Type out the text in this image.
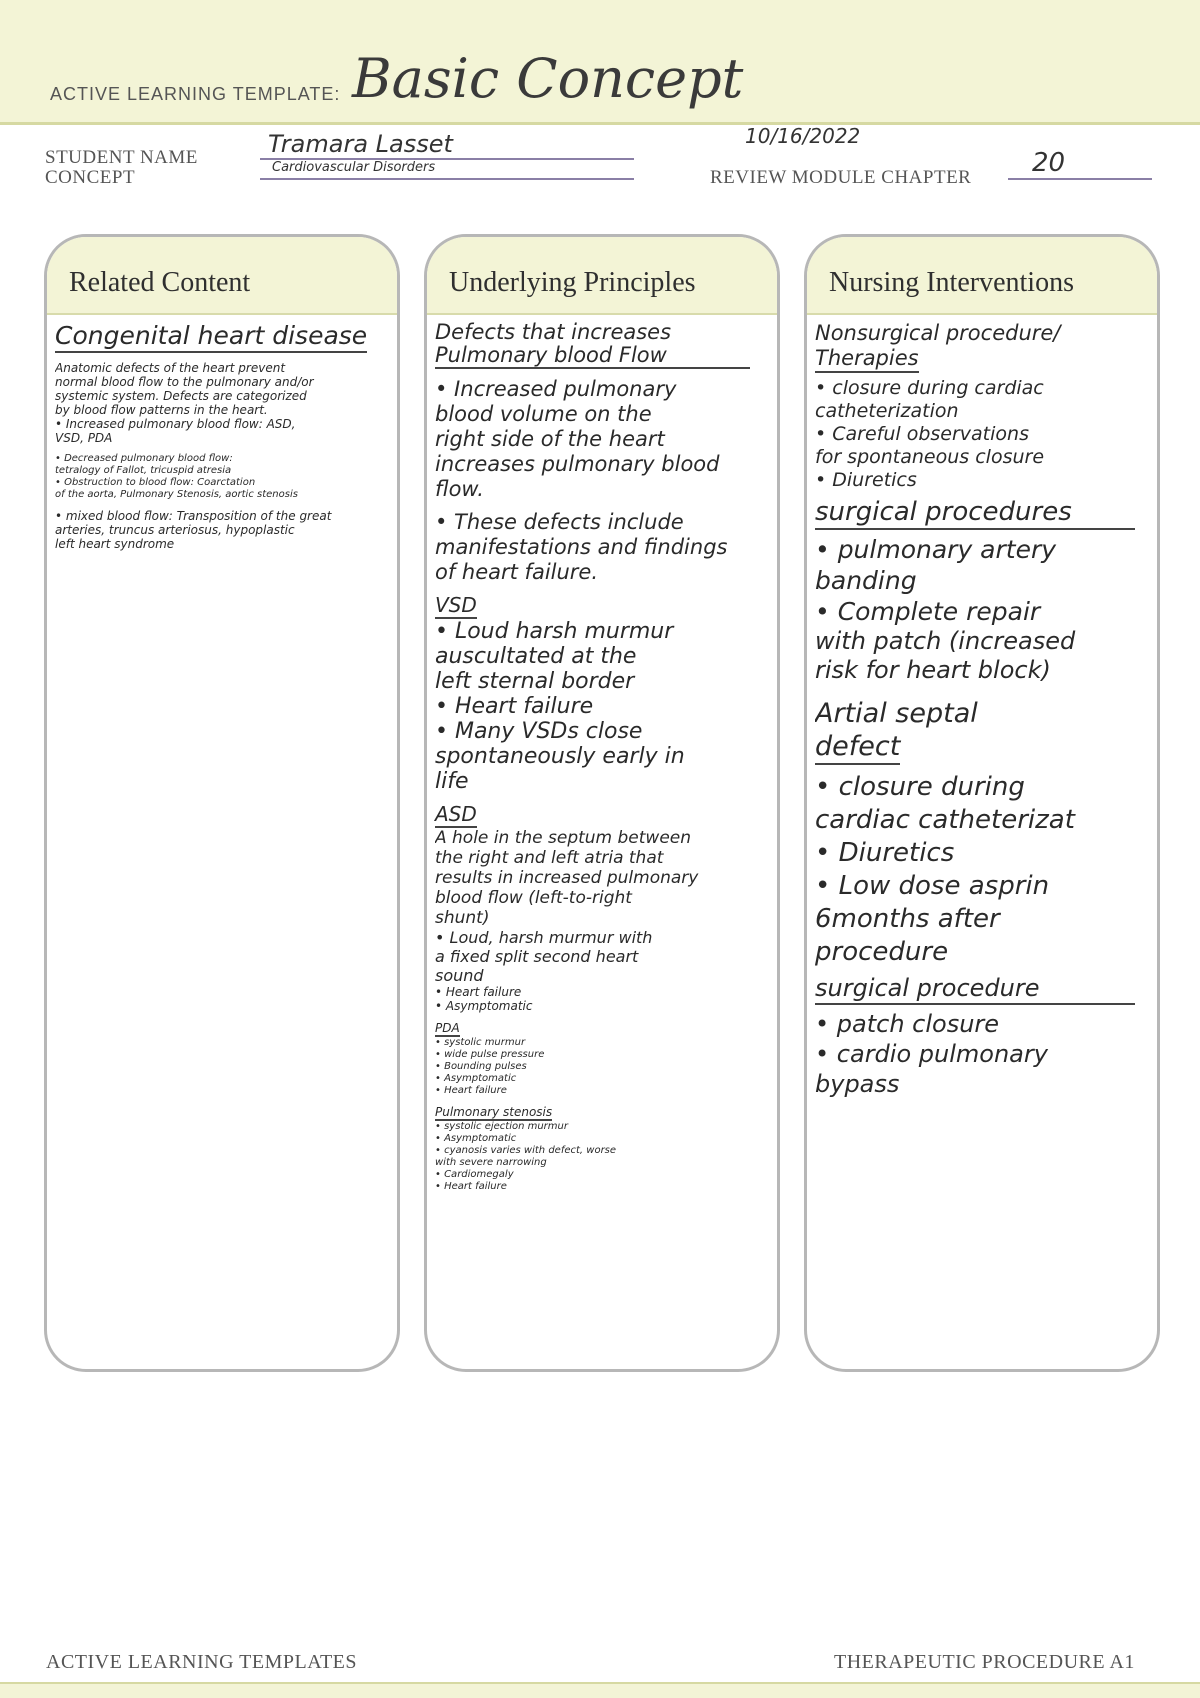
ACTIVE LEARNING TEMPLATE: Basic Concept
STUDENT NAME
CONCEPT
Tramara Lasset
Cardiovascular Disorders
10/16/2022
REVIEW MODULE CHAPTER 20
Related Content
Congenital heart disease
Anatomic defects of the heart prevent
normal blood flow to the pulmonary and/or
systemic system. Defects are categorized
by blood flow patterns in the heart.
• Increased pulmonary blood flow: ASD,
VSD, PDA
• Decreased pulmonary blood flow:
tetralogy of Fallot, tricuspid atresia
• Obstruction to blood flow: Coarctation
of the aorta, Pulmonary Stenosis, aortic stenosis
• mixed blood flow: Transposition of the great
arteries, truncus arteriosus, hypoplastic
left heart syndrome
Underlying Principles
Defects that increases
Pulmonary blood Flow
• Increased pulmonary
blood volume on the
right side of the heart
increases pulmonary blood
flow.
• These defects include
manifestations and findings
of heart failure.
VSD
• Loud harsh murmur
auscultated at the
left sternal border
• Heart failure
• Many VSDs close
spontaneously early in
life
ASD
A hole in the septum between
the right and left atria that
results in increased pulmonary
blood flow (left-to-right
shunt)
• Loud, harsh murmur with
a fixed split second heart
sound
• Heart failure
• Asymptomatic
PDA
• systolic murmur
• wide pulse pressure
• Bounding pulses
• Asymptomatic
• Heart failure
Pulmonary stenosis
• systolic ejection murmur
• Asymptomatic
• cyanosis varies with defect, worse
with severe narrowing
• Cardiomegaly
• Heart failure
Nursing Interventions
Nonsurgical procedure/
Therapies
• closure during cardiac
catheterization
• Careful observations
for spontaneous closure
• Diuretics
surgical procedures
• pulmonary artery
banding
• Complete repair
with patch (increased
risk for heart block)
Artial septal
defect
• closure during
cardiac catheterizat
• Diuretics
• Low dose asprin
6months after
procedure
surgical procedure
• patch closure
• cardio pulmonary
bypass
ACTIVE LEARNING TEMPLATES	THERAPEUTIC PROCEDURE A1
